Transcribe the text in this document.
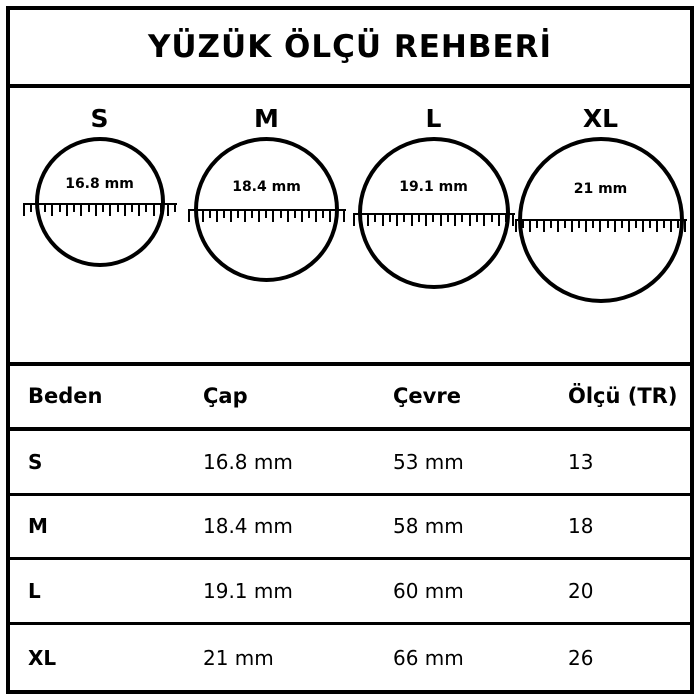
YÜZÜK ÖLÇÜ REHBERİ
S
16.8 mm
M
18.4 mm
L
19.1 mm
XL
21 mm
Beden	Çap	Çevre	Ölçü (TR)
S	16.8 mm	53 mm	13
M	18.4 mm	58 mm	18
L	19.1 mm	60 mm	20
XL	21 mm	66 mm	26
